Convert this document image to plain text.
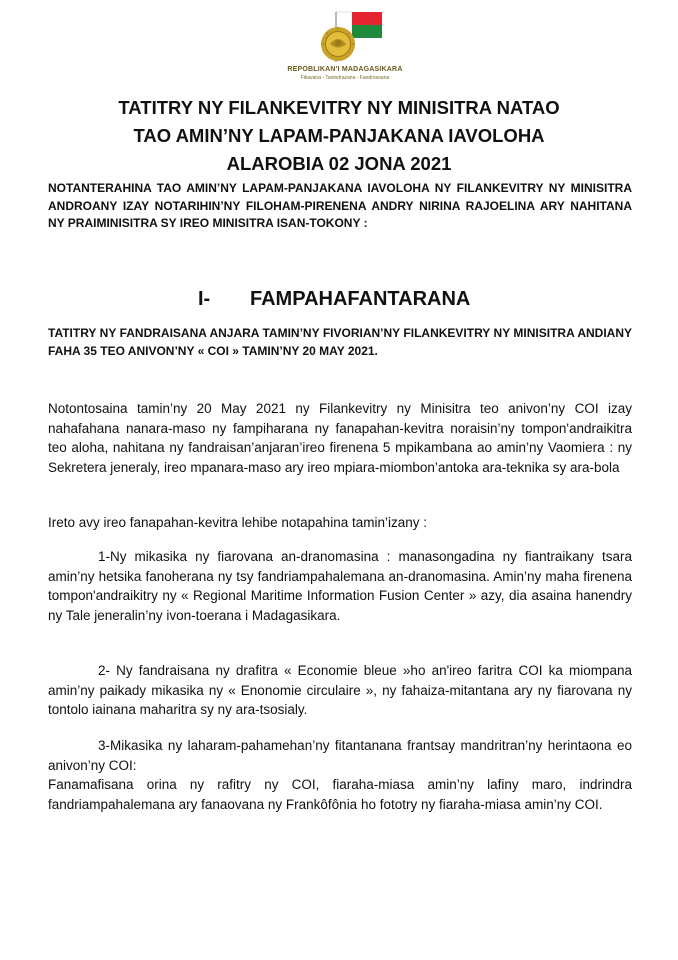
REPOBLIKAN'I MADAGASIKARA
Fitiavana - Tanindrazana - Fandrosoana
TATITRY NY FILANKEVITRY NY MINISITRA NATAO
TAO AMIN’NY LAPAM-PANJAKANA IAVOLOHA
ALAROBIA 02 JONA 2021
NOTANTERAHINA TAO AMIN’NY LAPAM-PANJAKANA IAVOLOHA NY FILANKEVITRY NY MINISITRA ANDROANY IZAY NOTARIHIN’NY FILOHAM-PIRENENA ANDRY NIRINA RAJOELINA ARY NAHITANA NY PRAIMINISITRA SY IREO MINISITRA ISAN-TOKONY :
I- FAMPAHAFANTARANA
TATITRY NY FANDRAISANA ANJARA TAMIN’NY FIVORIAN’NY FILANKEVITRY NY MINISITRA ANDIANY FAHA 35 TEO ANIVON’NY « COI » TAMIN’NY 20 MAY 2021.
Notontosaina tamin’ny 20 May 2021 ny Filankevitry ny Minisitra teo anivon’ny COI izay nahafahana nanara-maso ny fampiharana ny fanapahan-kevitra noraisin’ny tompon'andraikitra teo aloha, nahitana ny fandraisan’anjaran’ireo firenena 5 mpikambana ao amin’ny Vaomiera : ny Sekretera jeneraly, ireo mpanara-maso ary ireo mpiara-miombon’antoka ara-teknika sy ara-bola
Ireto avy ireo fanapahan-kevitra lehibe notapahina tamin’izany :
1-Ny mikasika ny fiarovana an-dranomasina : manasongadina ny fiantraikany tsara amin’ny hetsika fanoherana ny tsy fandriampahalemana an-dranomasina. Amin’ny maha firenena tompon'andraikitry ny « Regional Maritime Information Fusion Center » azy, dia asaina hanendry ny Tale jeneralin’ny ivon-toerana i Madagasikara.
2- Ny fandraisana ny drafitra « Economie bleue »ho an'ireo faritra COI ka miompana amin’ny paikady mikasika ny « Enonomie circulaire », ny fahaiza-mitantana ary ny fiarovana ny tontolo iainana maharitra sy ny ara-tsosialy.
3-Mikasika ny laharam-pahamehan’ny fitantanana frantsay mandritran’ny herintaona eo anivon’ny COI:
Fanamafisana orina ny rafitry ny COI, fiaraha-miasa amin’ny lafiny maro, indrindra fandriampahalemana ary fanaovana ny Frankôfônia ho fototry ny fiaraha-miasa amin’ny COI.
